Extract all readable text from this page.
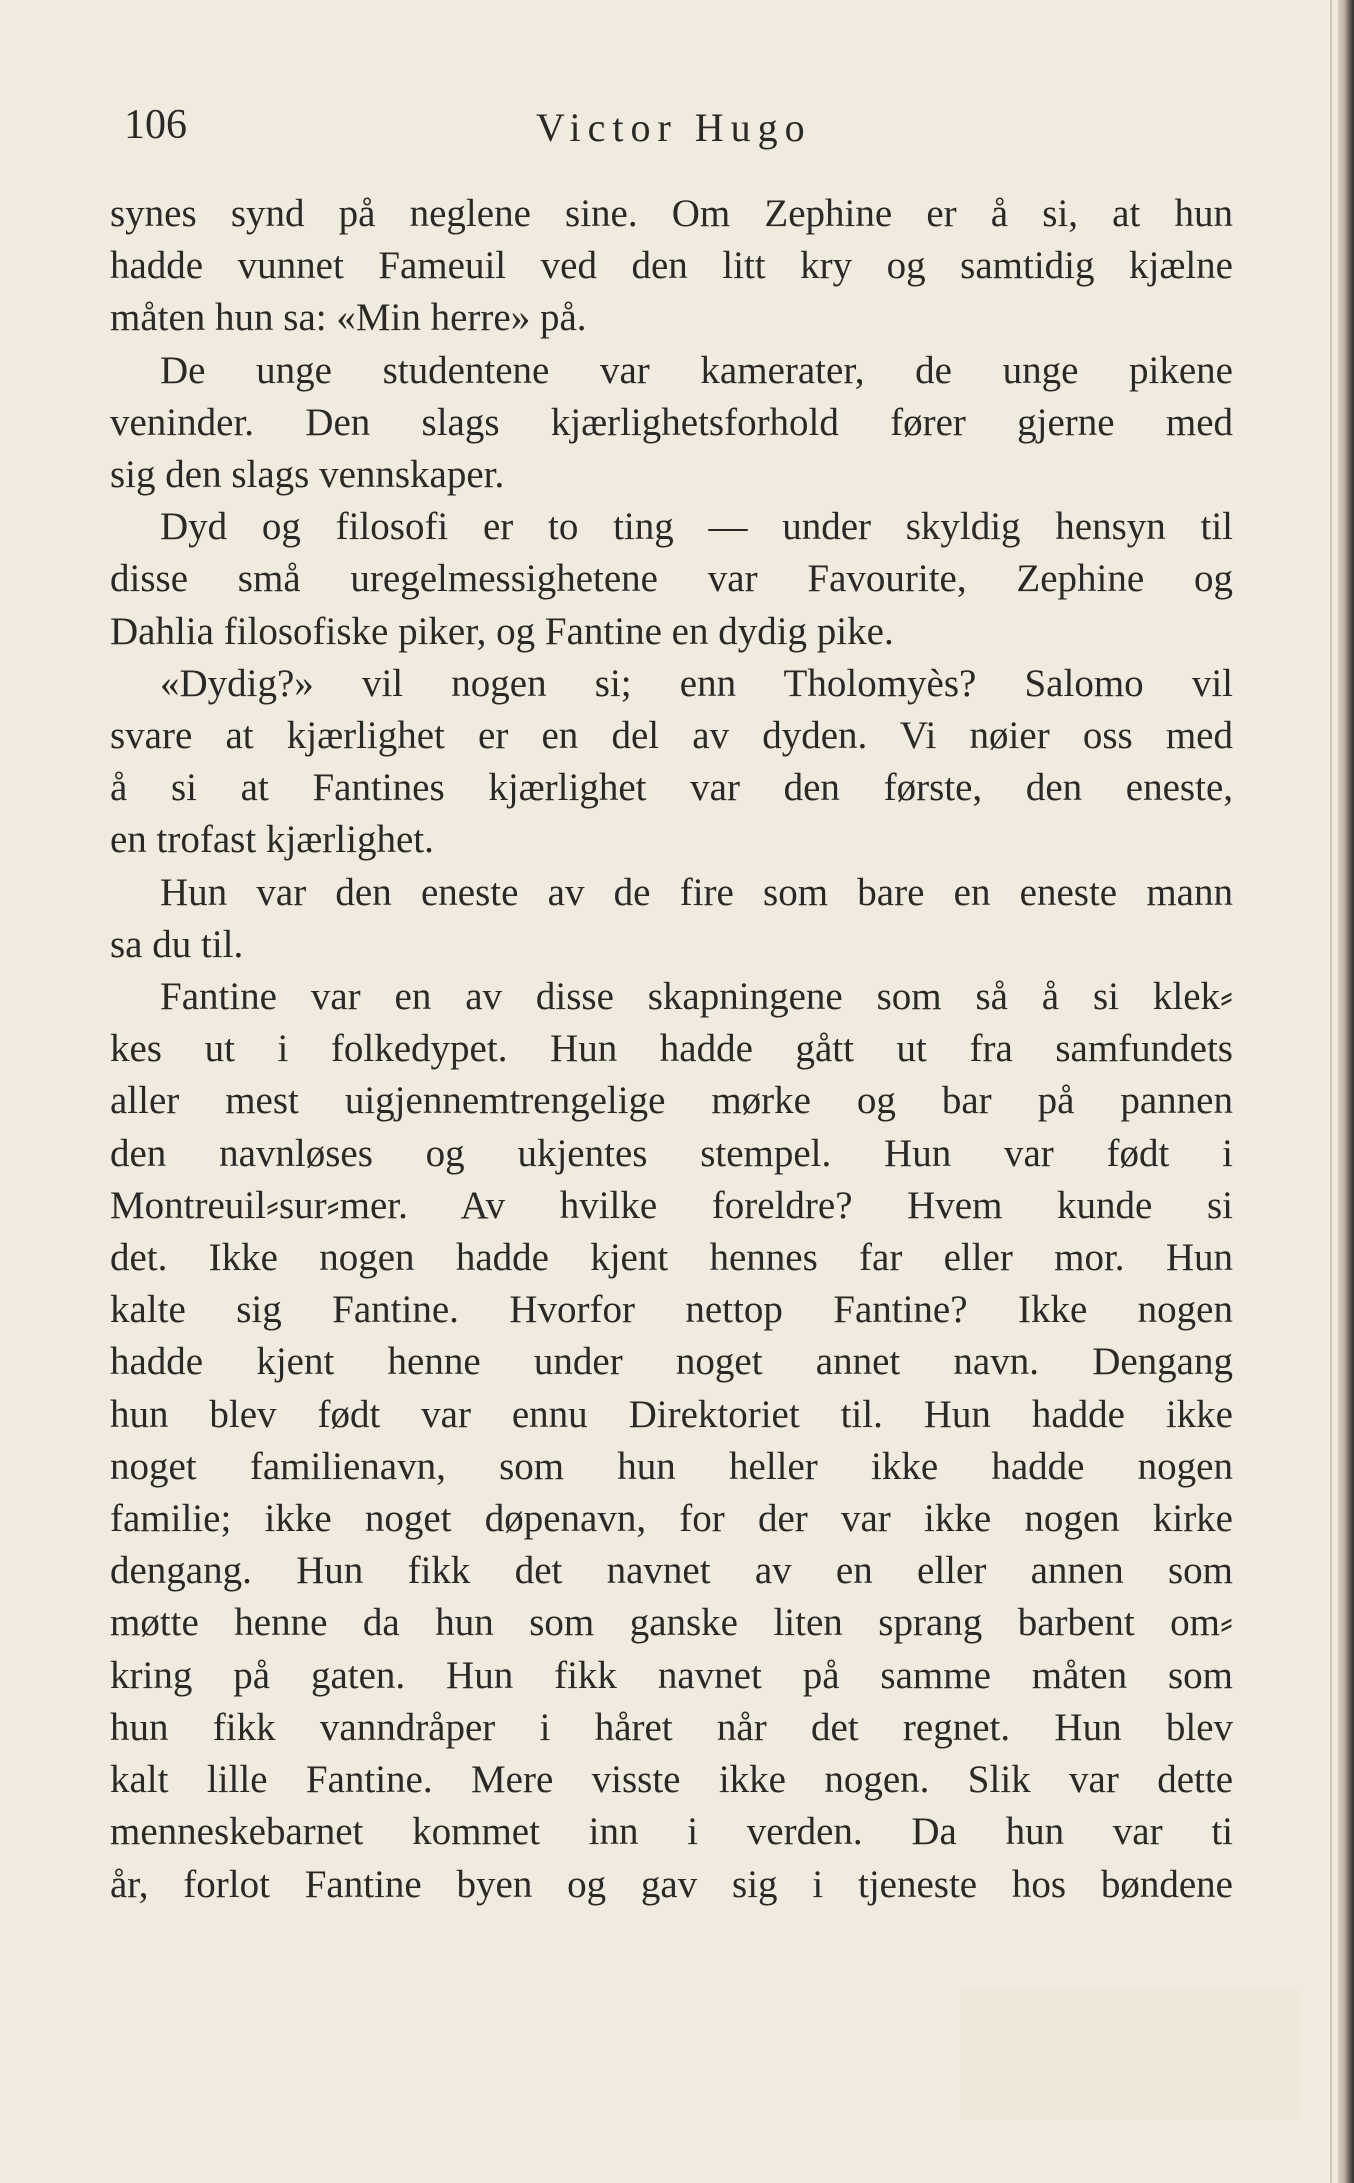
106	Victor Hugo

synes synd på neglene sine. Om Zephine er å si, at hun
hadde vunnet Fameuil ved den litt kry og samtidig kjælne
måten hun sa: «Min herre» på.

De unge studentene var kamerater, de unge pikene
veninder. Den slags kjærlighetsforhold fører gjerne med
sig den slags vennskaper.

Dyd og filosofi er to ting — under skyldig hensyn til
disse små uregelmessighetene var Favourite, Zephine og
Dahlia filosofiske piker, og Fantine en dydig pike.

«Dydig?» vil nogen si; enn Tholomyès? Salomo vil
svare at kjærlighet er en del av dyden. Vi nøier oss med
å si at Fantines kjærlighet var den første, den eneste,
en trofast kjærlighet.

Hun var den eneste av de fire som bare en eneste mann
sa du til.

Fantine var en av disse skapningene som så å si klek⸗
kes ut i folkedypet. Hun hadde gått ut fra samfundets
aller mest uigjennemtrengelige mørke og bar på pannen
den navnløses og ukjentes stempel. Hun var født i
Montreuil⸗sur⸗mer. Av hvilke foreldre? Hvem kunde si
det. Ikke nogen hadde kjent hennes far eller mor. Hun
kalte sig Fantine. Hvorfor nettop Fantine? Ikke nogen
hadde kjent henne under noget annet navn. Dengang
hun blev født var ennu Direktoriet til. Hun hadde ikke
noget familienavn, som hun heller ikke hadde nogen
familie; ikke noget døpenavn, for der var ikke nogen kirke
dengang. Hun fikk det navnet av en eller annen som
møtte henne da hun som ganske liten sprang barbent om⸗
kring på gaten. Hun fikk navnet på samme måten som
hun fikk vanndråper i håret når det regnet. Hun blev
kalt lille Fantine. Mere visste ikke nogen. Slik var dette
menneskebarnet kommet inn i verden. Da hun var ti
år, forlot Fantine byen og gav sig i tjeneste hos bøndene
